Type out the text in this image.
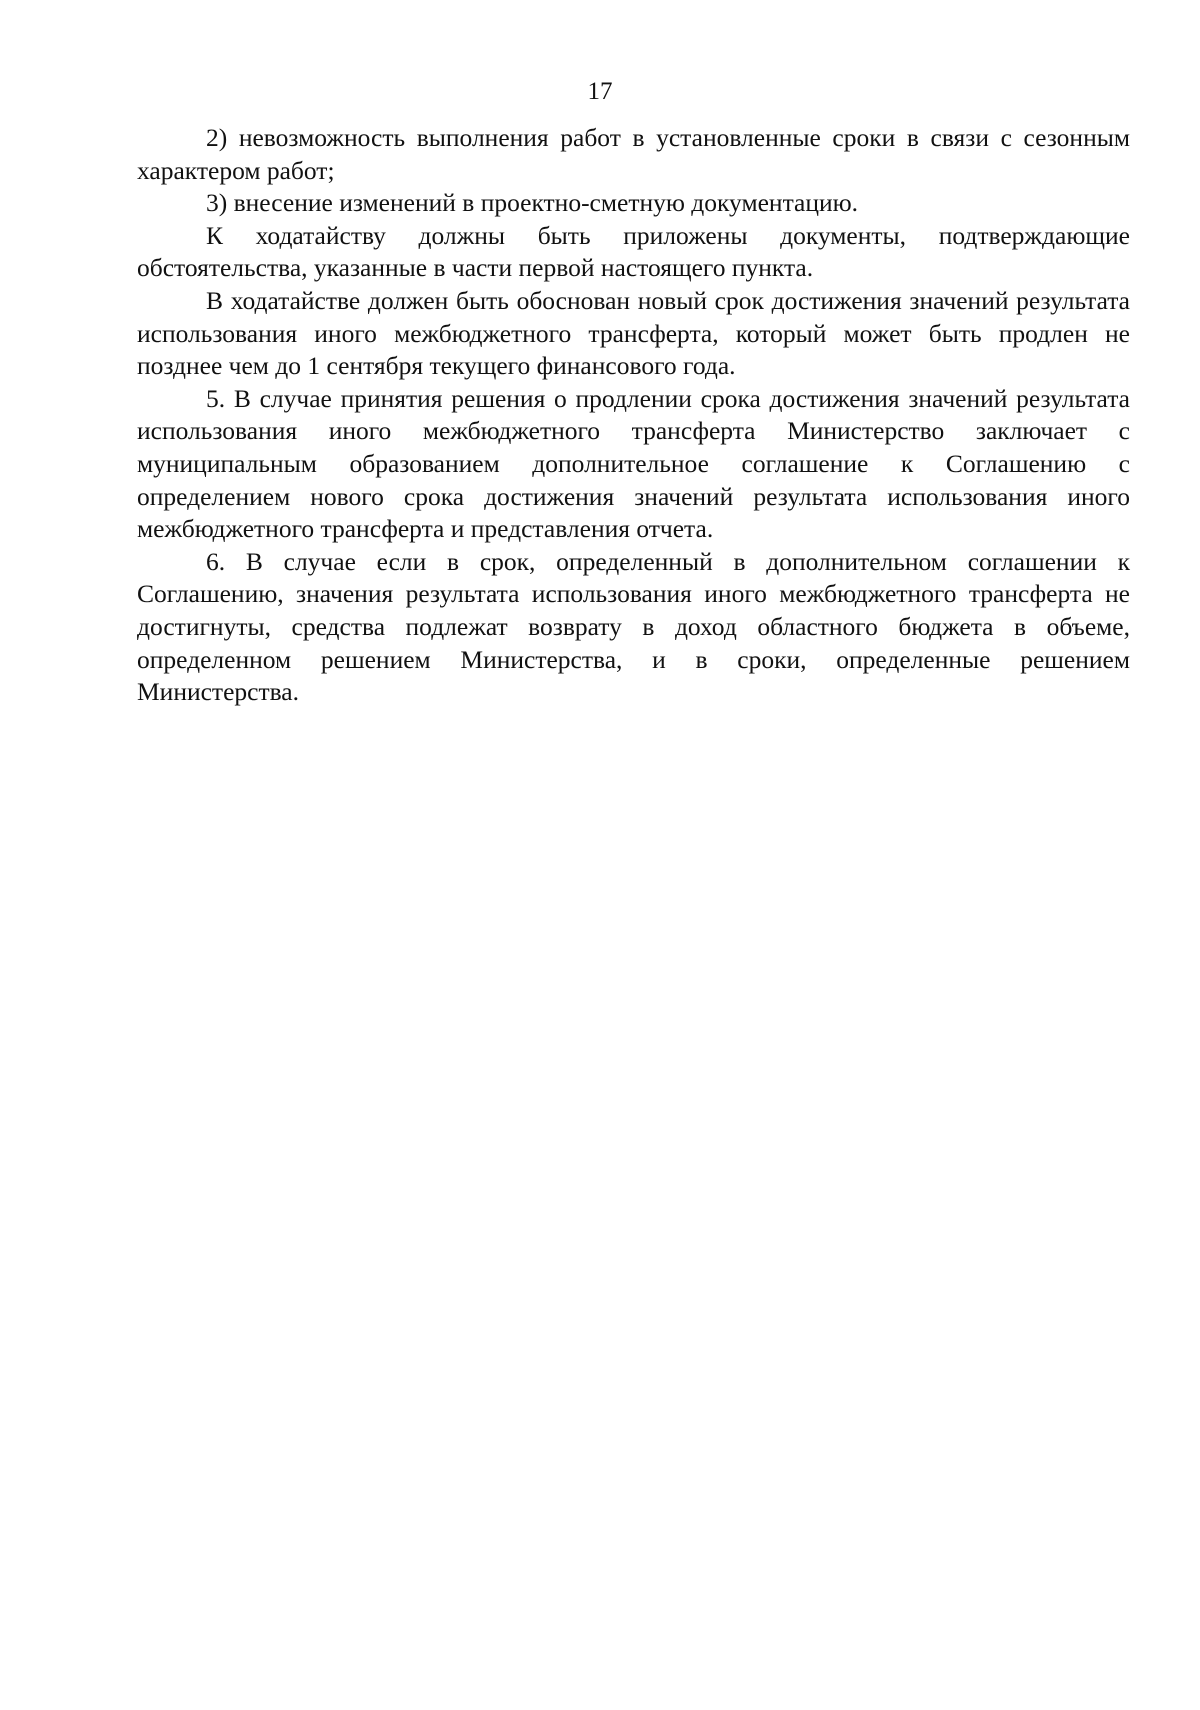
17

2) невозможность выполнения работ в установленные сроки в связи с сезонным характером работ;

3) внесение изменений в проектно-сметную документацию.

К ходатайству должны быть приложены документы, подтверждающие обстоятельства, указанные в части первой настоящего пункта.

В ходатайстве должен быть обоснован новый срок достижения значений результата использования иного межбюджетного трансферта, который может быть продлен не позднее чем до 1 сентября текущего финансового года.

5. В случае принятия решения о продлении срока достижения значений результата использования иного межбюджетного трансферта Министерство заключает с муниципальным образованием дополнительное соглашение к Соглашению с определением нового срока достижения значений результата использования иного межбюджетного трансферта и представления отчета.

6. В случае если в срок, определенный в дополнительном соглашении к Соглашению, значения результата использования иного межбюджетного трансферта не достигнуты, средства подлежат возврату в доход областного бюджета в объеме, определенном решением Министерства, и в сроки, определенные решением Министерства.
